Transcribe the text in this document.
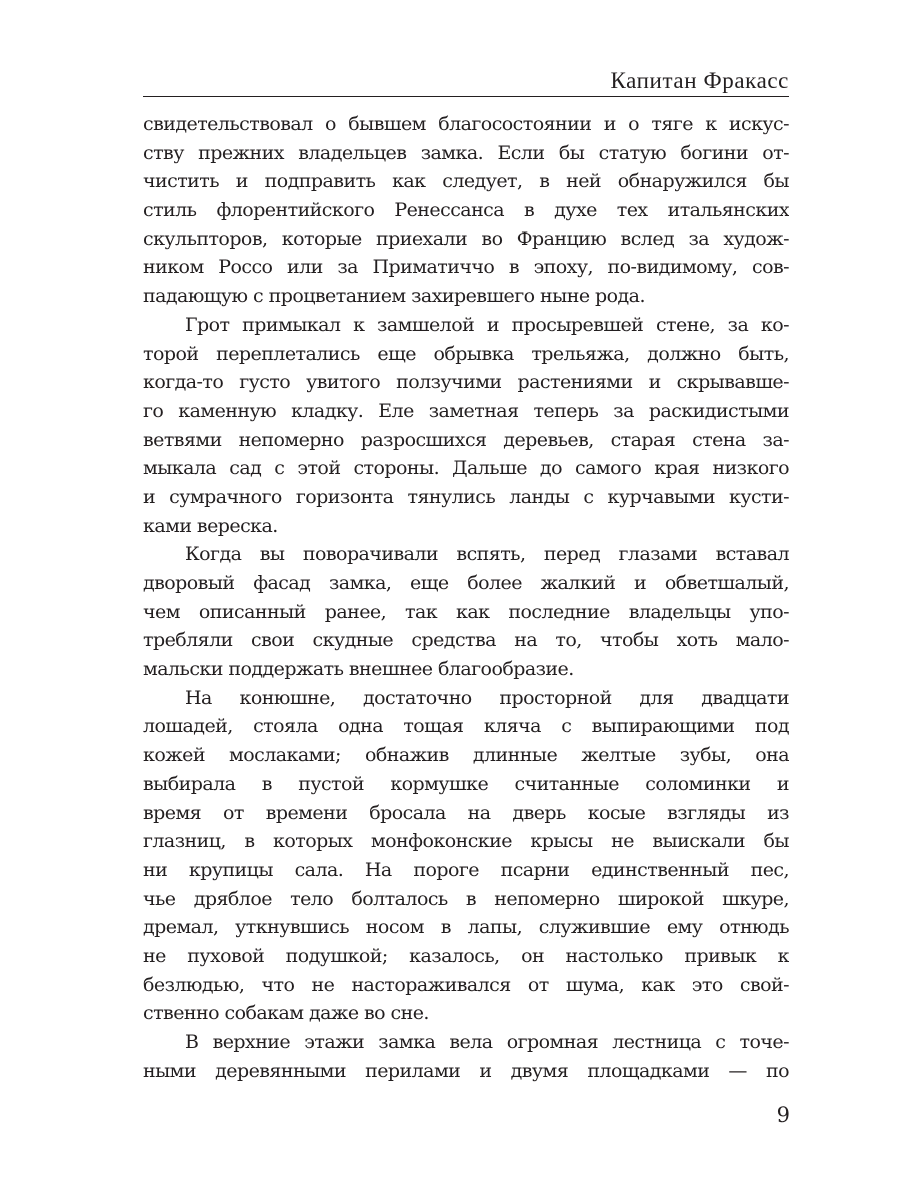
Капитан Фракасс
свидетельствовал о бывшем благосостоянии и о тяге к искус-
ству прежних владельцев замка. Если бы статую богини от-
чистить и подправить как следует, в ней обнаружился бы
стиль флорентийского Ренессанса в духе тех итальянских
скульпторов, которые приехали во Францию вслед за худож-
ником Россо или за Приматиччо в эпоху, по-видимому, сов-
падающую с процветанием захиревшего ныне рода.
Грот примыкал к замшелой и просыревшей стене, за ко-
торой переплетались еще обрывка трельяжа, должно быть,
когда-то густо увитого ползучими растениями и скрывавше-
го каменную кладку. Еле заметная теперь за раскидистыми
ветвями непомерно разросшихся деревьев, старая стена за-
мыкала сад с этой стороны. Дальше до самого края низкого
и сумрачного горизонта тянулись ланды с курчавыми кусти-
ками вереска.
Когда вы поворачивали вспять, перед глазами вставал
дворовый фасад замка, еще более жалкий и обветшалый,
чем описанный ранее, так как последние владельцы упо-
требляли свои скудные средства на то, чтобы хоть мало-
мальски поддержать внешнее благообразие.
На конюшне, достаточно просторной для двадцати
лошадей, стояла одна тощая кляча с выпирающими под
кожей мослаками; обнажив длинные желтые зубы, она
выбирала в пустой кормушке считанные соломинки и
время от времени бросала на дверь косые взгляды из
глазниц, в которых монфоконские крысы не выискали бы
ни крупицы сала. На пороге псарни единственный пес,
чье дряблое тело болталось в непомерно широкой шкуре,
дремал, уткнувшись носом в лапы, служившие ему отнюдь
не пуховой подушкой; казалось, он настолько привык к
безлюдью, что не настораживался от шума, как это свой-
ственно собакам даже во сне.
В верхние этажи замка вела огромная лестница с точе-
ными деревянными перилами и двумя площадками — по
9
